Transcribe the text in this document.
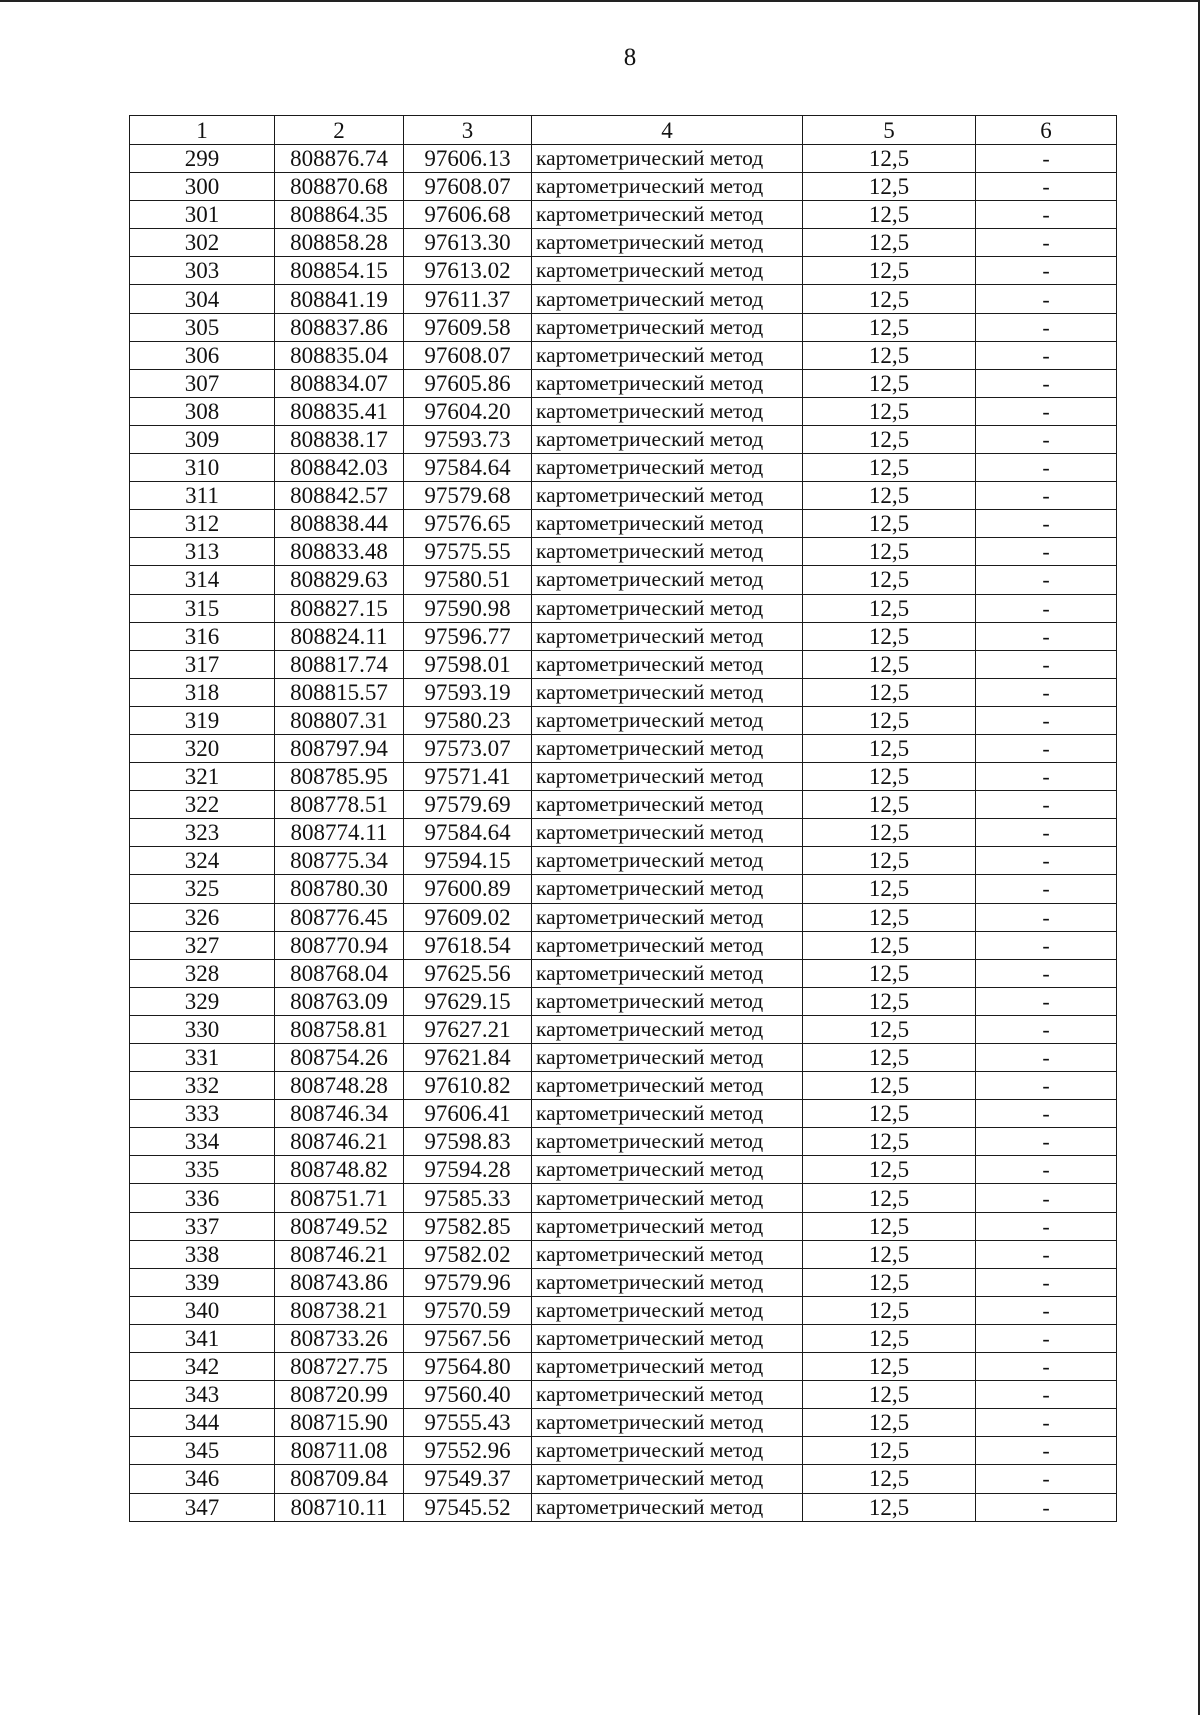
8
1	2	3	4	5	6
299	808876.74	97606.13	картометрический метод	12,5	-
300	808870.68	97608.07	картометрический метод	12,5	-
301	808864.35	97606.68	картометрический метод	12,5	-
302	808858.28	97613.30	картометрический метод	12,5	-
303	808854.15	97613.02	картометрический метод	12,5	-
304	808841.19	97611.37	картометрический метод	12,5	-
305	808837.86	97609.58	картометрический метод	12,5	-
306	808835.04	97608.07	картометрический метод	12,5	-
307	808834.07	97605.86	картометрический метод	12,5	-
308	808835.41	97604.20	картометрический метод	12,5	-
309	808838.17	97593.73	картометрический метод	12,5	-
310	808842.03	97584.64	картометрический метод	12,5	-
311	808842.57	97579.68	картометрический метод	12,5	-
312	808838.44	97576.65	картометрический метод	12,5	-
313	808833.48	97575.55	картометрический метод	12,5	-
314	808829.63	97580.51	картометрический метод	12,5	-
315	808827.15	97590.98	картометрический метод	12,5	-
316	808824.11	97596.77	картометрический метод	12,5	-
317	808817.74	97598.01	картометрический метод	12,5	-
318	808815.57	97593.19	картометрический метод	12,5	-
319	808807.31	97580.23	картометрический метод	12,5	-
320	808797.94	97573.07	картометрический метод	12,5	-
321	808785.95	97571.41	картометрический метод	12,5	-
322	808778.51	97579.69	картометрический метод	12,5	-
323	808774.11	97584.64	картометрический метод	12,5	-
324	808775.34	97594.15	картометрический метод	12,5	-
325	808780.30	97600.89	картометрический метод	12,5	-
326	808776.45	97609.02	картометрический метод	12,5	-
327	808770.94	97618.54	картометрический метод	12,5	-
328	808768.04	97625.56	картометрический метод	12,5	-
329	808763.09	97629.15	картометрический метод	12,5	-
330	808758.81	97627.21	картометрический метод	12,5	-
331	808754.26	97621.84	картометрический метод	12,5	-
332	808748.28	97610.82	картометрический метод	12,5	-
333	808746.34	97606.41	картометрический метод	12,5	-
334	808746.21	97598.83	картометрический метод	12,5	-
335	808748.82	97594.28	картометрический метод	12,5	-
336	808751.71	97585.33	картометрический метод	12,5	-
337	808749.52	97582.85	картометрический метод	12,5	-
338	808746.21	97582.02	картометрический метод	12,5	-
339	808743.86	97579.96	картометрический метод	12,5	-
340	808738.21	97570.59	картометрический метод	12,5	-
341	808733.26	97567.56	картометрический метод	12,5	-
342	808727.75	97564.80	картометрический метод	12,5	-
343	808720.99	97560.40	картометрический метод	12,5	-
344	808715.90	97555.43	картометрический метод	12,5	-
345	808711.08	97552.96	картометрический метод	12,5	-
346	808709.84	97549.37	картометрический метод	12,5	-
347	808710.11	97545.52	картометрический метод	12,5	-
